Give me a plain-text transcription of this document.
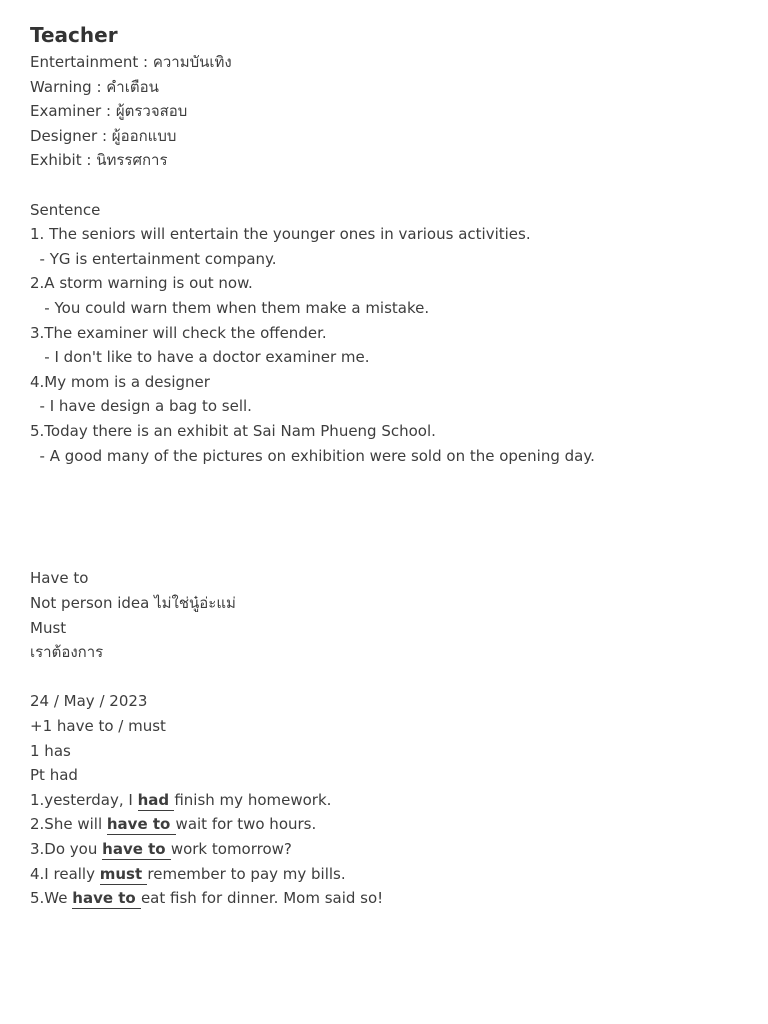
Teacher
Entertainment : ความบันเทิง
Warning : คำเตือน
Examiner : ผู้ตรวจสอบ
Designer : ผู้ออกแบบ
Exhibit : นิทรรศการ
Sentence
1. The seniors will entertain the younger ones in various activities.
- YG is entertainment company.
2.A storm warning is out now.
- You could warn them when them make a mistake.
3.The examiner will check the offender.
- I don't like to have a doctor examiner me.
4.My mom is a designer
- I have design a bag to sell.
5.Today there is an exhibit at Sai Nam Phueng School.
- A good many of the pictures on exhibition were sold on the opening day.
Have to
Not person idea ไม่ใช่นู๋อ่ะแม่
Must
เราต้องการ
24 / May / 2023
+1 have to / must
1 has
Pt had
1.yesterday, I had finish my homework.
2.She will have to wait for two hours.
3.Do you have to work tomorrow?
4.I really must remember to pay my bills.
5.We have to eat fish for dinner. Mom said so!
